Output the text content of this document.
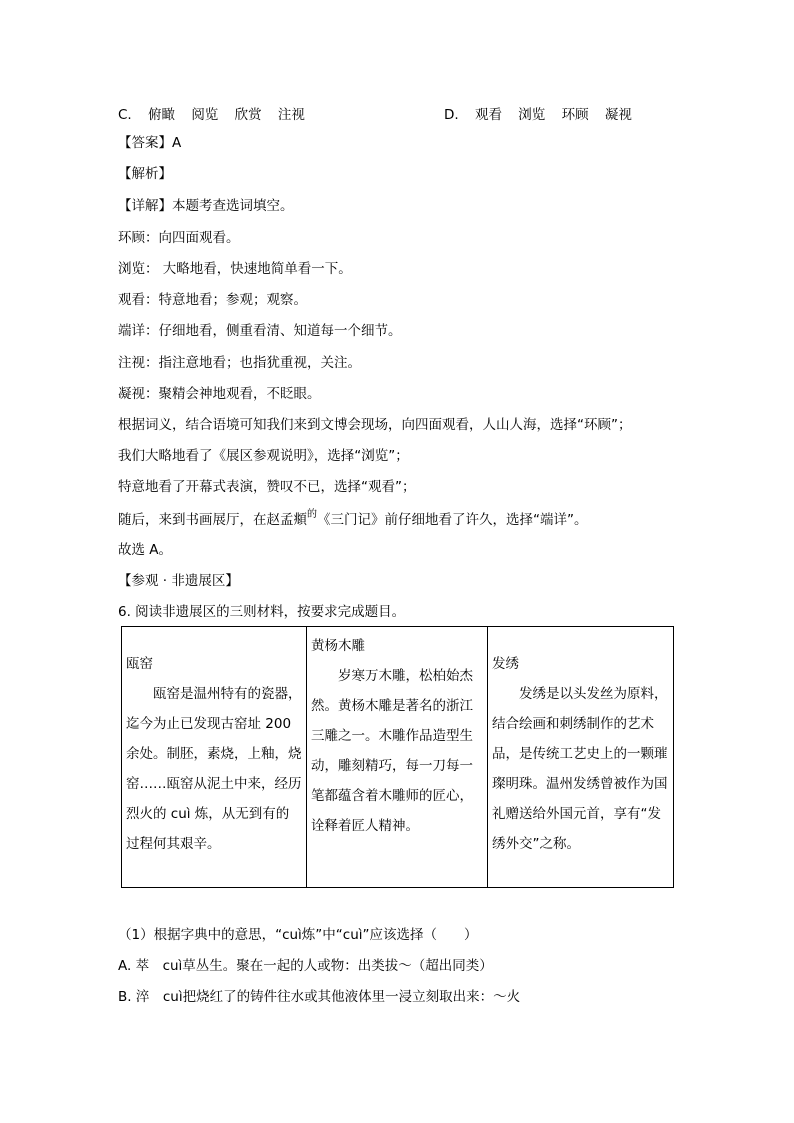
C. 俯瞰 阅览 欣赏 注视	D. 观看 浏览 环顾 凝视
【答案】A
【解析】
【详解】本题考查选词填空。
环顾：向四面观看。
浏览： 大略地看，快速地简单看一下。
观看：特意地看；参观；观察。
端详：仔细地看，侧重看清、知道每一个细节。
注视：指注意地看；也指犹重视，关注。
凝视：聚精会神地观看，不眨眼。
根据词义，结合语境可知我们来到文博会现场，向四面观看，人山人海，选择“环顾”；
我们大略地看了《展区参观说明》，选择“浏览”；
特意地看了开幕式表演，赞叹不已，选择“观看”；
随后，来到书画展厅，在赵孟頫$^的$《三门记》前仔细地看了许久，选择“端详”。
故选 A。
【参观 · 非遗展区】
6. 阅读非遗展区的三则材料，按要求完成题目。
瓯窑
瓯窑是温州特有的瓷器，迄今为止已发现古窑址 200 余处。制胚，素烧，上釉，烧窑……瓯窑从泥土中来，经历烈火的 cuì 炼，从无到有的过程何其艰辛。

黄杨木雕
岁寒万木雕，松柏始杰然。黄杨木雕是著名的浙江三雕之一。木雕作品造型生动，雕刻精巧，每一刀每一笔都蕴含着木雕师的匠心，诠释着匠人精神。

发绣
发绣是以头发丝为原料，结合绘画和刺绣制作的艺术品，是传统工艺史上的一颗璀璨明珠。温州发绣曾被作为国礼赠送给外国元首，享有“发绣外交”之称。
（1）根据字典中的意思，“cuì炼”中“cuì”应该选择（　　）
A. 萃　cuì草丛生。聚在一起的人或物：出类拔～（超出同类）
B. 淬　cuì把烧红了的铸件往水或其他液体里一浸立刻取出来：～火
